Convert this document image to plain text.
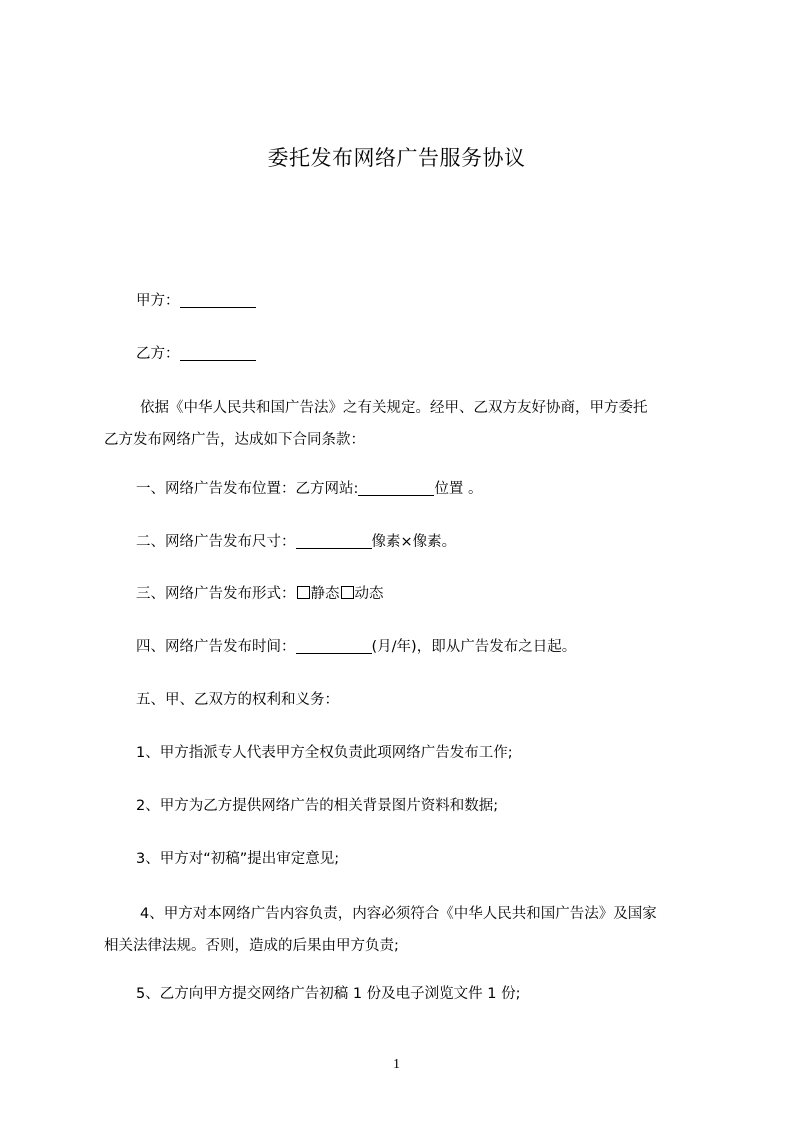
委托发布网络广告服务协议
甲方：
乙方：
依据《中华人民共和国广告法》之有关规定。经甲、乙双方友好协商，甲方委托
乙方发布网络广告，达成如下合同条款：
一、网络广告发布位置：乙方网站:	位置 。
二、网络广告发布尺寸：	像素×像素。
三、网络广告发布形式： 静态 动态
四、网络广告发布时间：	(月/年)，即从广告发布之日起。
五、甲、乙双方的权利和义务：
1、甲方指派专人代表甲方全权负责此项网络广告发布工作;
2、甲方为乙方提供网络广告的相关背景图片资料和数据;
3、甲方对“初稿”提出审定意见;
4、甲方对本网络广告内容负责，内容必须符合《中华人民共和国广告法》及国家
相关法律法规。否则，造成的后果由甲方负责;
5、乙方向甲方提交网络广告初稿 1 份及电子浏览文件 1 份;
1
